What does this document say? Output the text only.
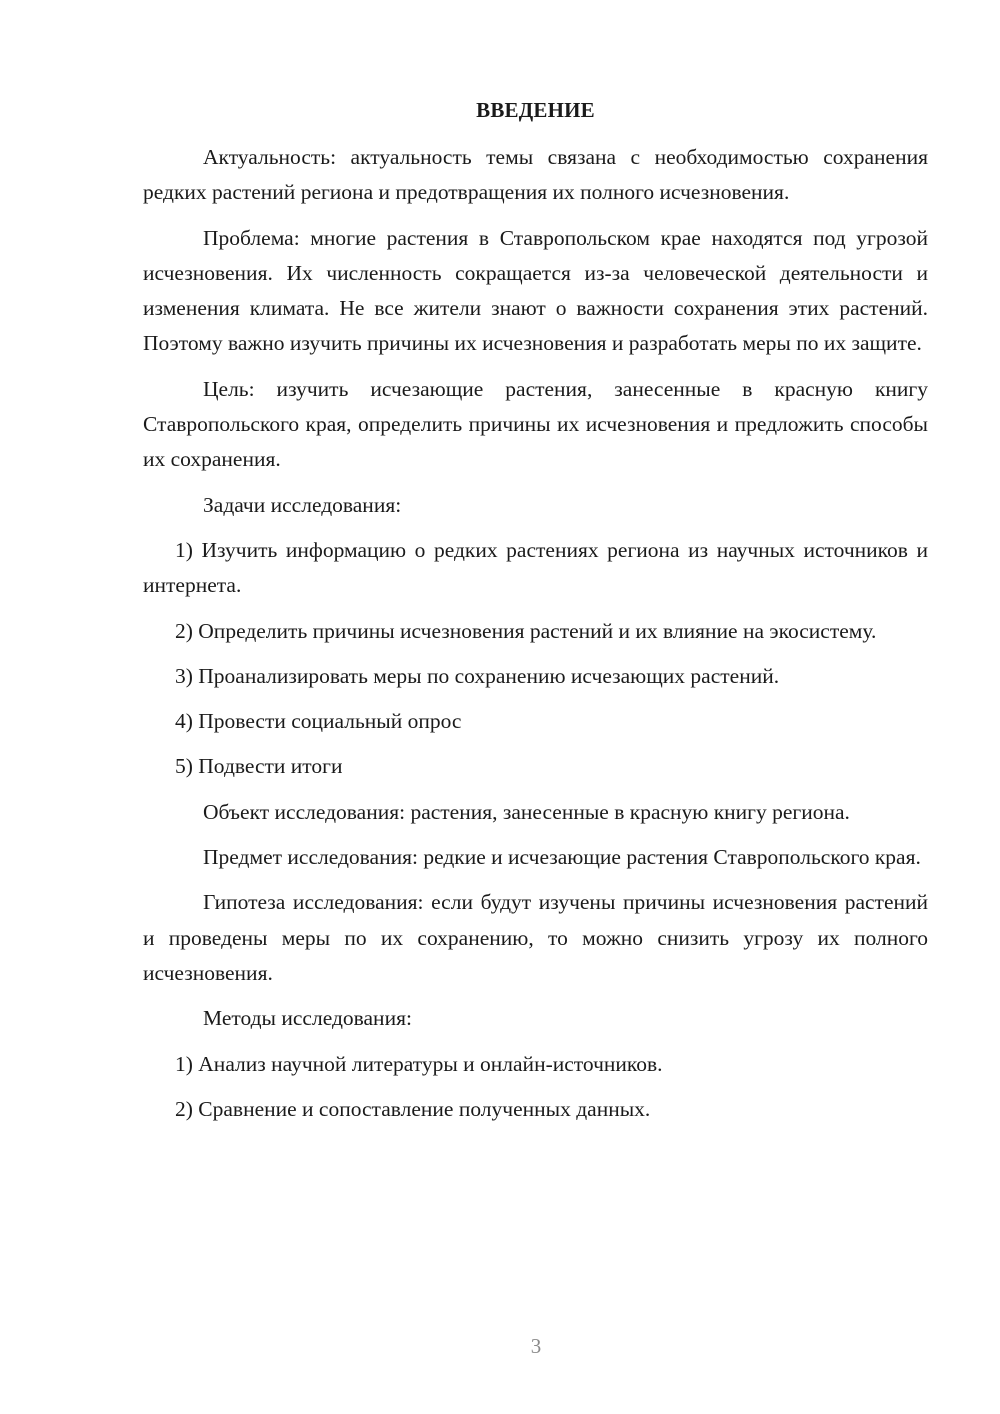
ВВЕДЕНИЕ

Актуальность: актуальность темы связана с необходимостью сохранения редких растений региона и предотвращения их полного исчезновения.

Проблема: многие растения в Ставропольском крае находятся под угрозой исчезновения. Их численность сокращается из-за человеческой деятельности и изменения климата. Не все жители знают о важности сохранения этих растений. Поэтому важно изучить причины их исчезновения и разработать меры по их защите.

Цель: изучить исчезающие растения, занесенные в красную книгу Ставропольского края, определить причины их исчезновения и предложить способы их сохранения.

Задачи исследования:

1) Изучить информацию о редких растениях региона из научных источников и интернета.

2) Определить причины исчезновения растений и их влияние на экосистему.

3) Проанализировать меры по сохранению исчезающих растений.

4) Провести социальный опрос

5) Подвести итоги

Объект исследования: растения, занесенные в красную книгу региона.

Предмет исследования: редкие и исчезающие растения Ставропольского края.

Гипотеза исследования: если будут изучены причины исчезновения растений и проведены меры по их сохранению, то можно снизить угрозу их полного исчезновения.

Методы исследования:

1) Анализ научной литературы и онлайн-источников.

2) Сравнение и сопоставление полученных данных.

3
